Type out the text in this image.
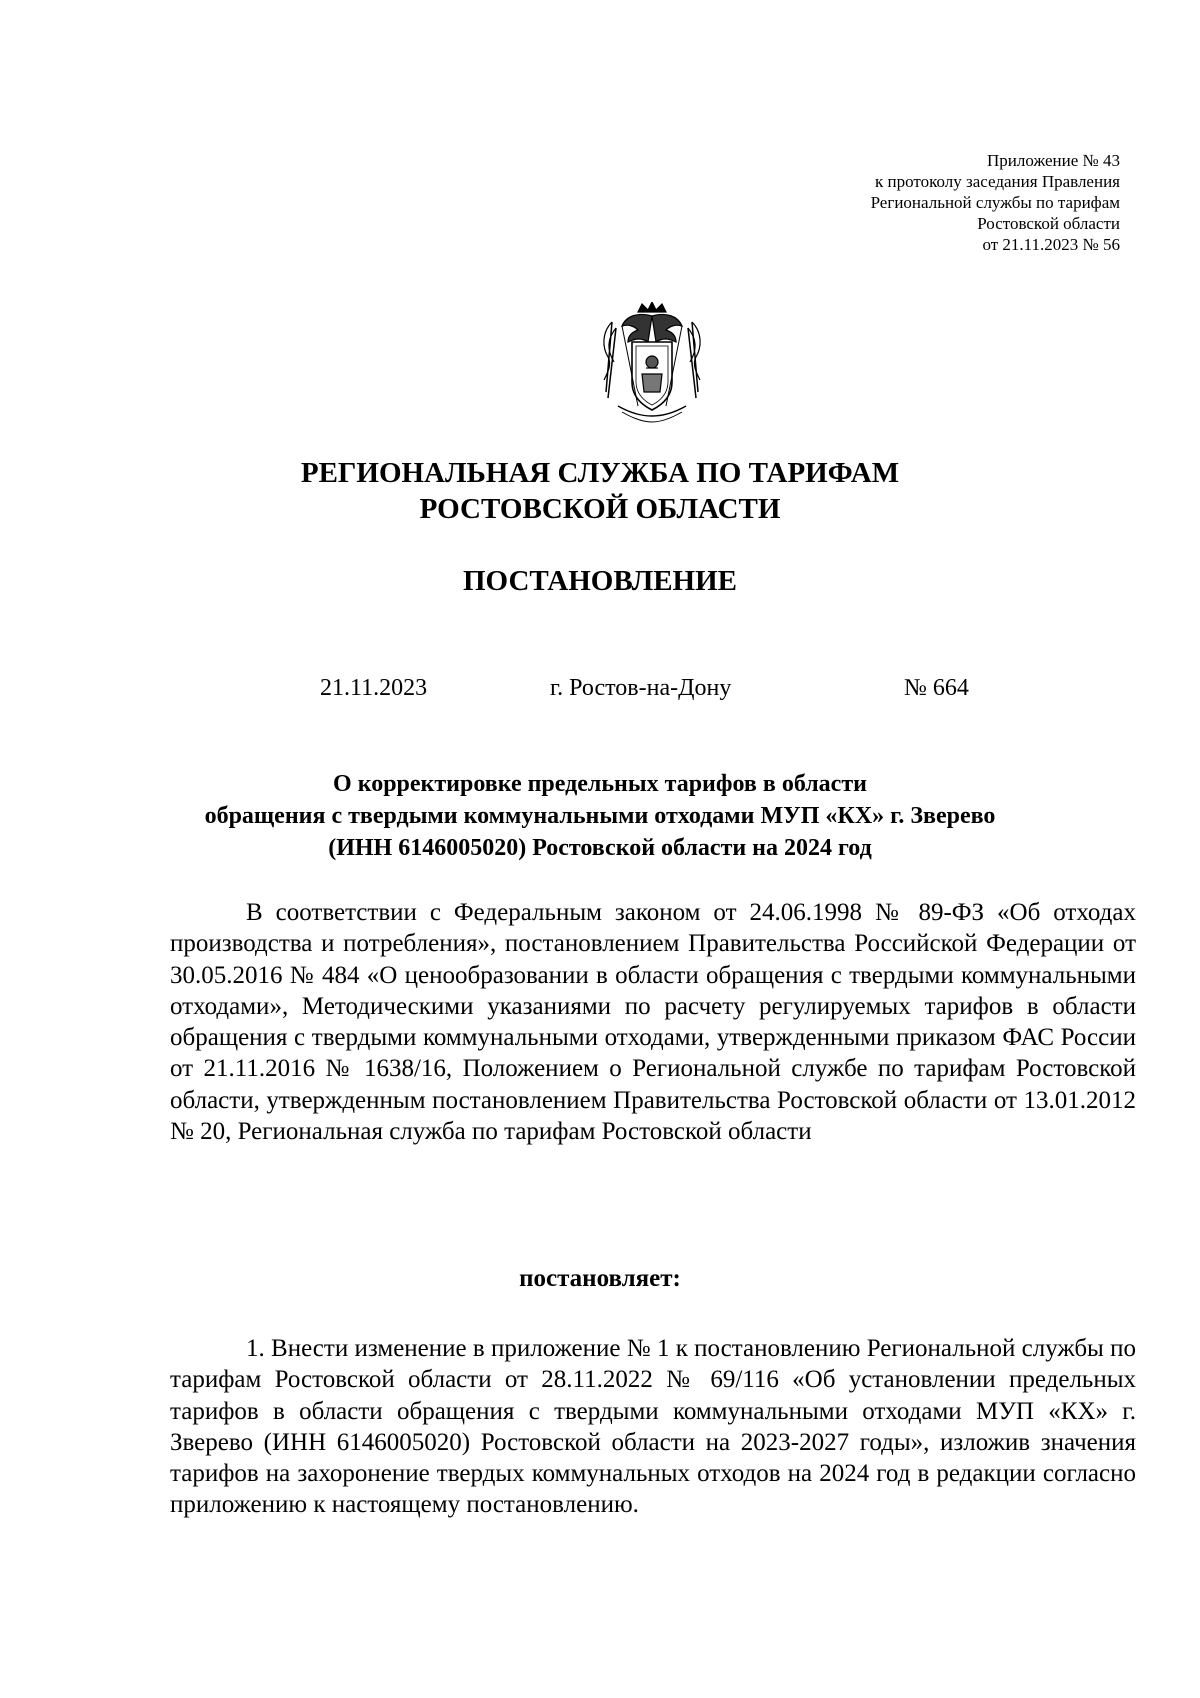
Приложение № 43
к протоколу заседания Правления
Региональной службы по тарифам
Ростовской области
от 21.11.2023 № 56
РЕГИОНАЛЬНАЯ СЛУЖБА ПО ТАРИФАМ
РОСТОВСКОЙ ОБЛАСТИ
ПОСТАНОВЛЕНИЕ
21.11.2023	г. Ростов-на-Дону	№ 664
О корректировке предельных тарифов в области
обращения с твердыми коммунальными отходами МУП «КХ» г. Зверево
(ИНН 6146005020) Ростовской области на 2024 год
В соответствии с Федеральным законом от 24.06.1998 № 89-ФЗ «Об отходах производства и потребления», постановлением Правительства Российской Федерации от 30.05.2016 № 484 «О ценообразовании в области обращения с твердыми коммунальными отходами», Методическими указаниями по расчету регулируемых тарифов в области обращения с твердыми коммунальными отходами, утвержденными приказом ФАС России от 21.11.2016 № 1638/16, Положением о Региональной службе по тарифам Ростовской области, утвержденным постановлением Правительства Ростовской области от 13.01.2012 № 20, Региональная служба по тарифам Ростовской области
постановляет:
1. Внести изменение в приложение № 1 к постановлению Региональной службы по тарифам Ростовской области от 28.11.2022 № 69/116 «Об установлении предельных тарифов в области обращения с твердыми коммунальными отходами МУП «КХ» г. Зверево (ИНН 6146005020) Ростовской области на 2023-2027 годы», изложив значения тарифов на захоронение твердых коммунальных отходов на 2024 год в редакции согласно приложению к настоящему постановлению.
